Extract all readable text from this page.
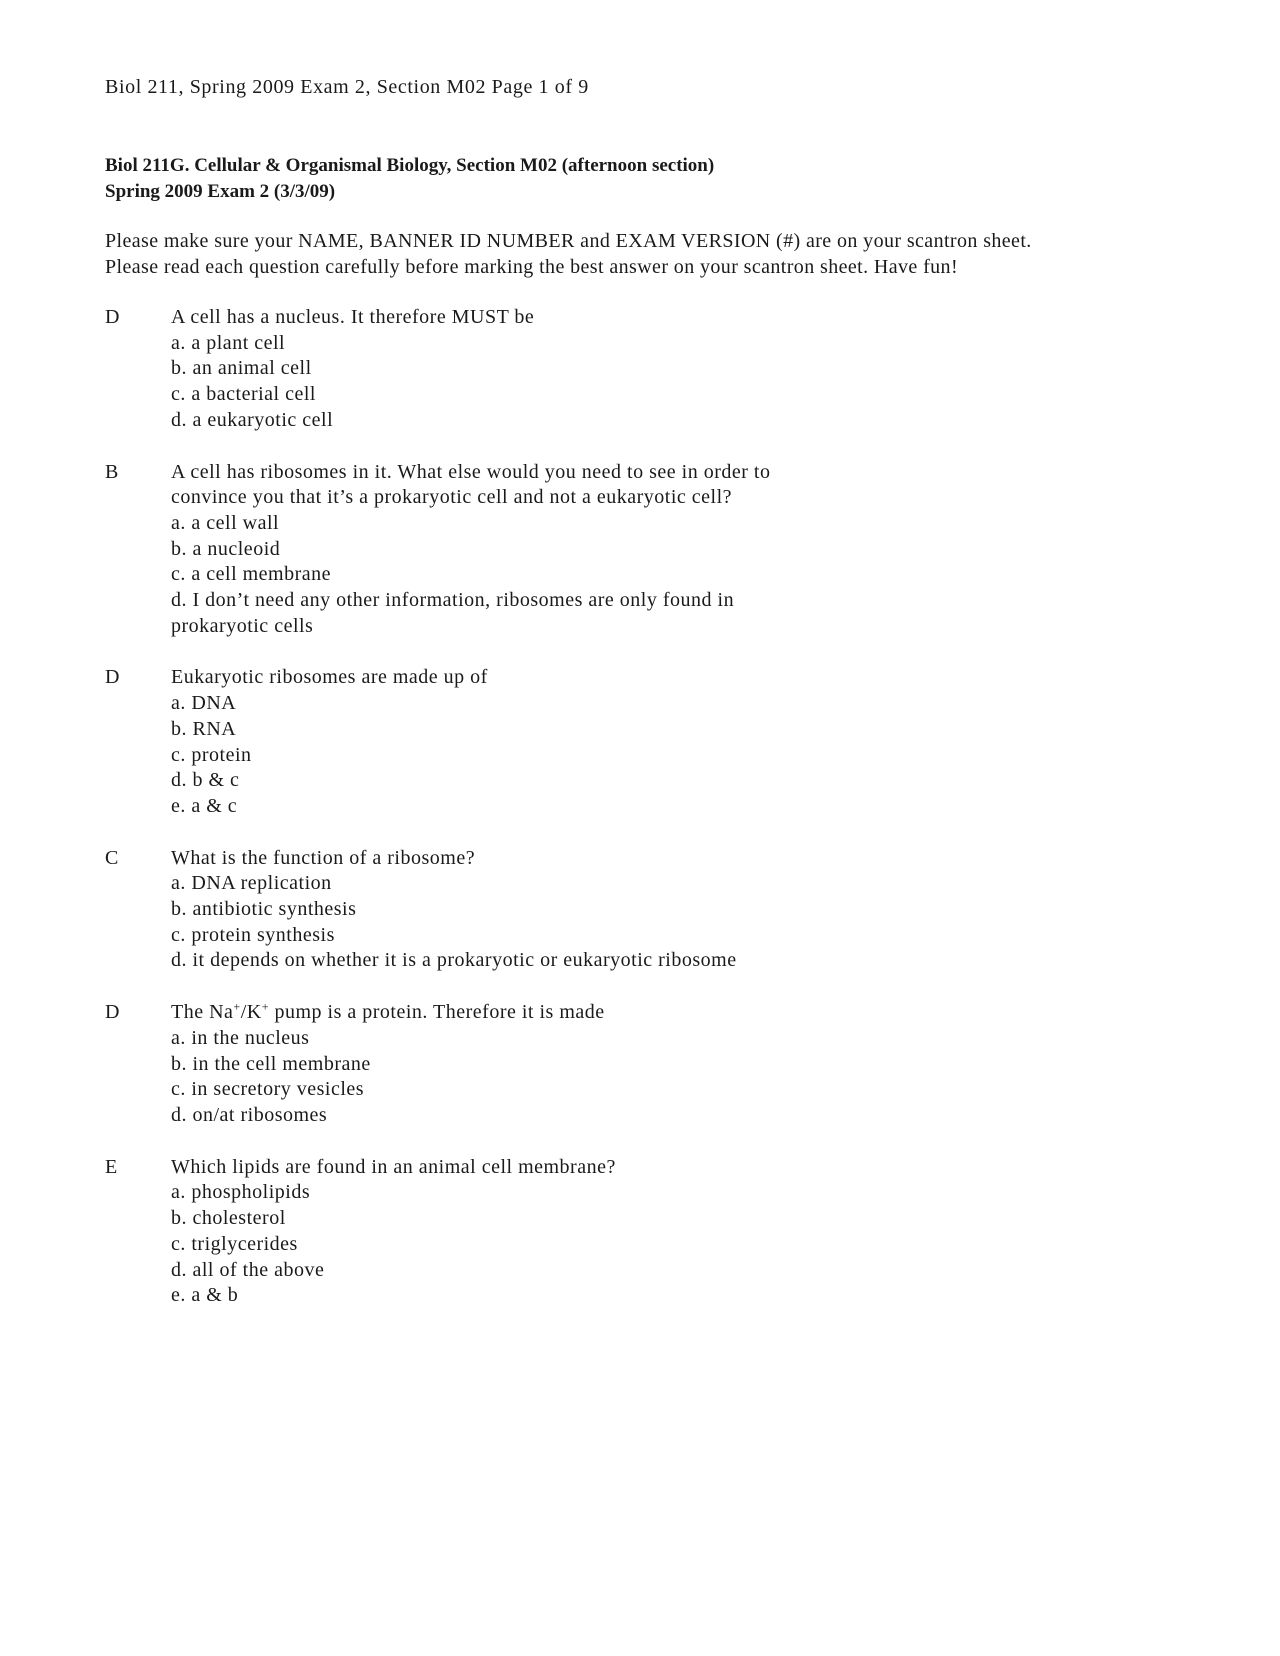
Biol 211, Spring 2009 Exam 2, Section M02 Page 1 of 9
Biol 211G. Cellular & Organismal Biology, Section M02 (afternoon section)
Spring 2009 Exam 2 (3/3/09)
Please make sure your NAME, BANNER ID NUMBER and EXAM VERSION (#) are on your scantron sheet.
Please read each question carefully before marking the best answer on your scantron sheet. Have fun!
D	A cell has a nucleus. It therefore MUST be
a. a plant cell
b. an animal cell
c. a bacterial cell
d. a eukaryotic cell
B	A cell has ribosomes in it. What else would you need to see in order to
convince you that it’s a prokaryotic cell and not a eukaryotic cell?
a. a cell wall
b. a nucleoid
c. a cell membrane
d. I don’t need any other information, ribosomes are only found in
prokaryotic cells
D	Eukaryotic ribosomes are made up of
a. DNA
b. RNA
c. protein
d. b & c
e. a & c
C	What is the function of a ribosome?
a. DNA replication
b. antibiotic synthesis
c. protein synthesis
d. it depends on whether it is a prokaryotic or eukaryotic ribosome
D	The Na+/K+ pump is a protein. Therefore it is made
a. in the nucleus
b. in the cell membrane
c. in secretory vesicles
d. on/at ribosomes
E	Which lipids are found in an animal cell membrane?
a. phospholipids
b. cholesterol
c. triglycerides
d. all of the above
e. a & b
